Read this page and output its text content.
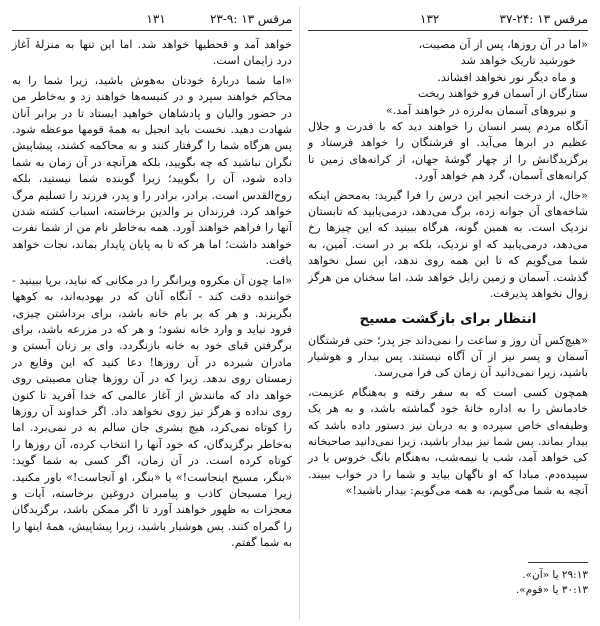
مرقس ۱۳ :۲۴-۳۷
۱۳۲
«اما در آن روزها، پس از آن مصیبت،
خورشید تاریک خواهد شد
و ماه دیگر نور نخواهد افشاند.
ستارگان از آسمان فرو خواهند ریخت
و نیروهای آسمان به‌لرزه در خواهند آمد.»

آنگاه مردم پسر انسان را خواهند دید که با قدرت و جلال عظیم در ابرها می‌آید. او فرشتگان را خواهد فرستاد و برگزیدگانش را از چهار گوشهٔ جهان، از کرانه‌های زمین تا کرانه‌های آسمان، گرد هم خواهد آورد.

«حال، از درخت انجیر این درس را فرا گیرید: به‌محض اینکه شاخه‌های آن جوانه زده، برگ می‌دهد، درمی‌یابید که تابستان نزدیک است. به همین گونه، هرگاه ببینید که این چیزها رخ می‌دهد، درمی‌یابید که او نزدیک، بلکه بر در است. آمین، به شما می‌گویم که تا این همه روی ندهد، این نسل نخواهد گذشت. آسمان و زمین زایل خواهد شد، اما سخنان من هرگز زوال نخواهد پذیرفت.

انتظار برای بازگشت مسیح

«هیچ‌کس آن روز و ساعت را نمی‌داند جز پدر؛ حتی فرشتگان آسمان و پسر نیز از آن آگاه نیستند. پس بیدار و هوشیار باشید، زیرا نمی‌دانید آن زمان کی فرا می‌رسد.

همچون کسی است که به سفر رفته و به‌هنگام عزیمت، خادمانش را به اداره خانهٔ خود گماشته باشد، و به هر یک وظیفه‌ای خاص سپرده و به دربان نیز دستور داده باشد که بیدار بماند. پس شما نیز بیدار باشید، زیرا نمی‌دانید صاحبخانه کی خواهد آمد، شب یا نیمه‌شب، به‌هنگام بانگ خروس یا در سپیده‌دم. مبادا که او ناگهان بیاید و شما را در خواب ببیند. آنچه به شما می‌گویم، به همه می‌گویم: بیدار باشید!»

۲۹:۱۳ یا «آن».
۳۰:۱۳ یا «قوم».
مرقس ۱۳ :۹-۲۳
۱۳۱

خواهد آمد و قحطیها خواهد شد. اما این تنها به منزلهٔ آغاز درد زایمان است.

«اما شما دربارهٔ خودتان به‌هوش باشید، زیرا شما را به محاکم خواهند سپرد و در کنیسه‌ها خواهند زد و به‌خاطر من در حضور والیان و پادشاهان خواهید ایستاد تا در برابر آنان شهادت دهید. نخست باید انجیل به همهٔ قومها موعظه شود. پس هرگاه شما را گرفتار کنند و به محاکمه کشند، پیشاپیش نگران نباشید که چه بگویید، بلکه هرآنچه در آن زمان به شما داده شود، آن را بگویید؛ زیرا گوینده شما نیستید، بلکه روح‌القدس است. برادر، برادر را و پدر، فرزند را تسلیم مرگ خواهد کرد. فرزندان بر والدین برخاسته، اسباب کشته شدن آنها را فراهم خواهند آورد. همه به‌خاطر نام من از شما نفرت خواهند داشت؛ اما هر که تا به پایان پایدار بماند، نجات خواهد یافت.

«اما چون آن مکروه ویرانگر را در مکانی که نباید، برپا ببینید - خواننده دقت کند - آنگاه آنان که در یهودیه‌اند، به کوهها بگریزند. و هر که بر بام خانه باشد، برای برداشتن چیزی، فرود نیاید و وارد خانه نشود؛ و هر که در مزرعه باشد، برای برگرفتن قبای خود به خانه بازنگردد. وای بر زنان آبستن و مادران شیرده در آن روزها! دعا کنید که این وقایع در زمستان روی ندهد. زیرا که در آن روزها چنان مصیبتی روی خواهد داد که مانندش از آغاز عالمی که خدا آفرید تا کنون روی نداده و هرگز نیز روی نخواهد داد. اگر خداوند آن روزها را کوتاه نمی‌کرد، هیچ بشری جان سالم به در نمی‌برد. اما به‌خاطر برگزیدگان، که خود آنها را انتخاب کرده، آن روزها را کوتاه کرده است. در آن زمان، اگر کسی به شما گوید: «بنگر، مسیح اینجاست!» یا «بنگر، او آنجاست!» باور مکنید. زیرا مسیحان کاذب و پیامبران دروغین برخاسته، آیات و معجزات به ظهور خواهند آورد تا اگر ممکن باشد، برگزیدگان را گمراه کنند. پس هوشیار باشید، زیرا پیشاپیش، همهٔ اینها را به شما گفتم.
